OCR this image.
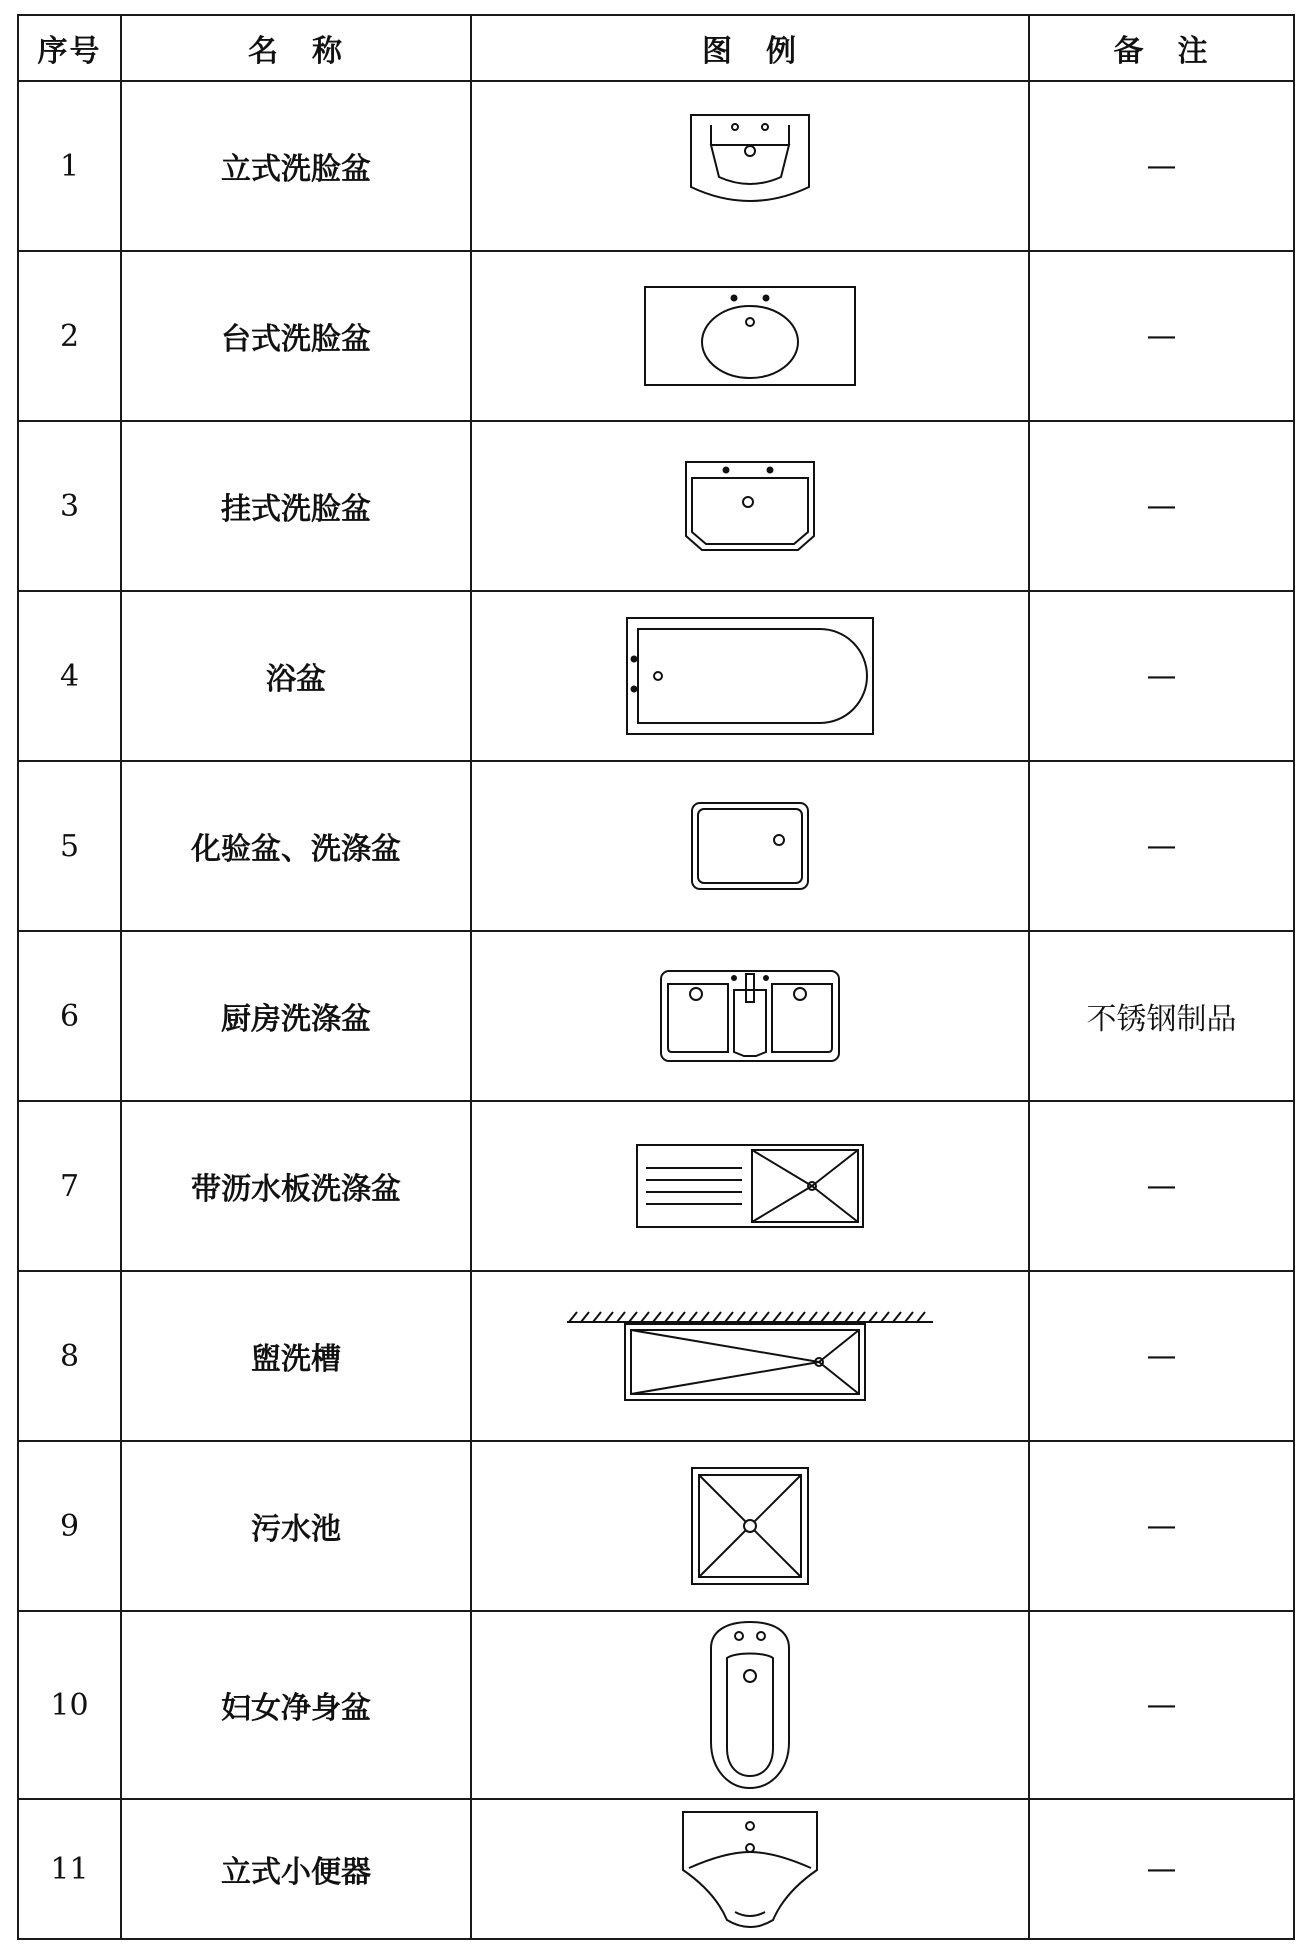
序号	名　称	图　例	备　注
1	立式洗脸盆		—
2	台式洗脸盆		—
3	挂式洗脸盆		—
4	浴盆		—
5	化验盆、洗涤盆		—
6	厨房洗涤盆		不锈钢制品
7	带沥水板洗涤盆		—
8	盥洗槽		—
9	污水池		—
10	妇女净身盆		—
11	立式小便器		—
